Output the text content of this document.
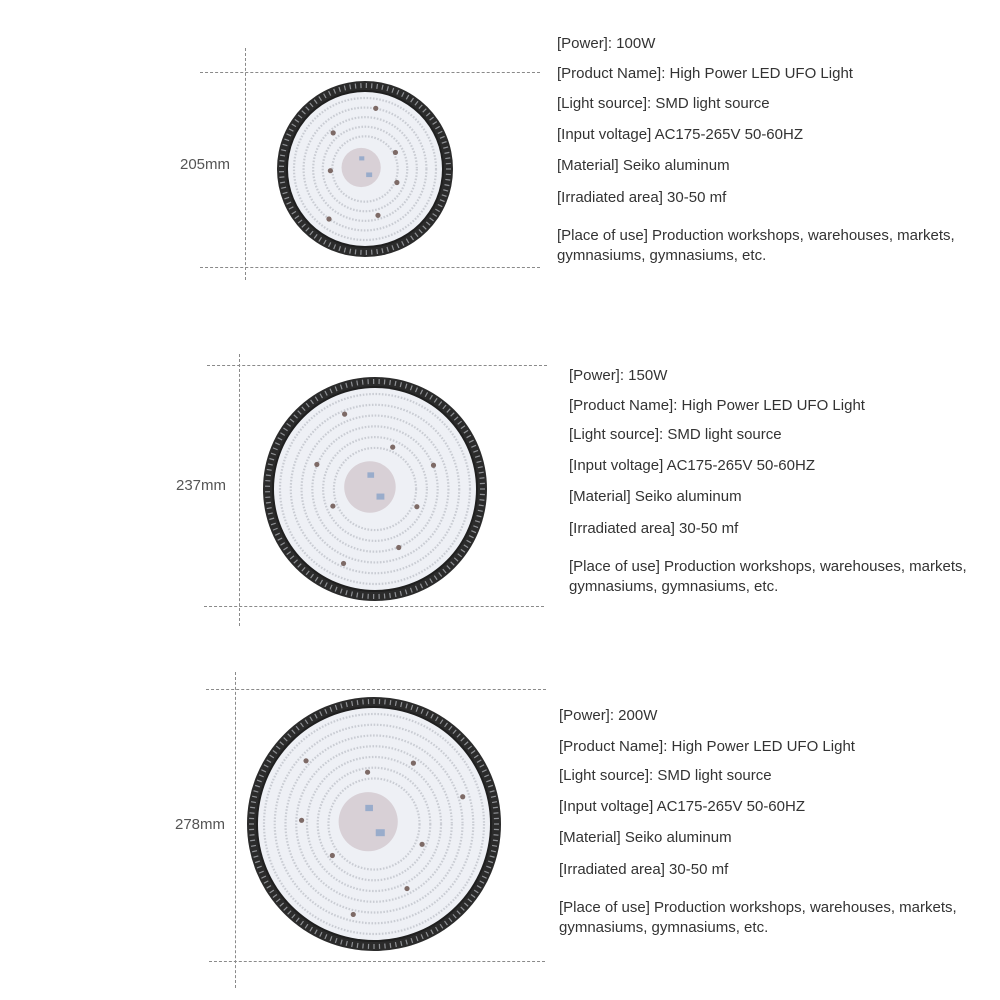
205mm
[Power]: 100W
[Product Name]: High Power LED UFO Light
[Light source]: SMD light source
[Input voltage] AC175-265V 50-60HZ
[Material] Seiko aluminum
[Irradiated area] 30-50 mf
[Place of use] Production workshops, warehouses, markets, gymnasiums, gymnasiums, etc.
237mm
[Power]: 150W
[Product Name]: High Power LED UFO Light
[Light source]: SMD light source
[Input voltage] AC175-265V 50-60HZ
[Material] Seiko aluminum
[Irradiated area] 30-50 mf
[Place of use] Production workshops, warehouses, markets, gymnasiums, gymnasiums, etc.
278mm
[Power]: 200W
[Product Name]: High Power LED UFO Light
[Light source]: SMD light source
[Input voltage] AC175-265V 50-60HZ
[Material] Seiko aluminum
[Irradiated area] 30-50 mf
[Place of use] Production workshops, warehouses, markets, gymnasiums, gymnasiums, etc.
